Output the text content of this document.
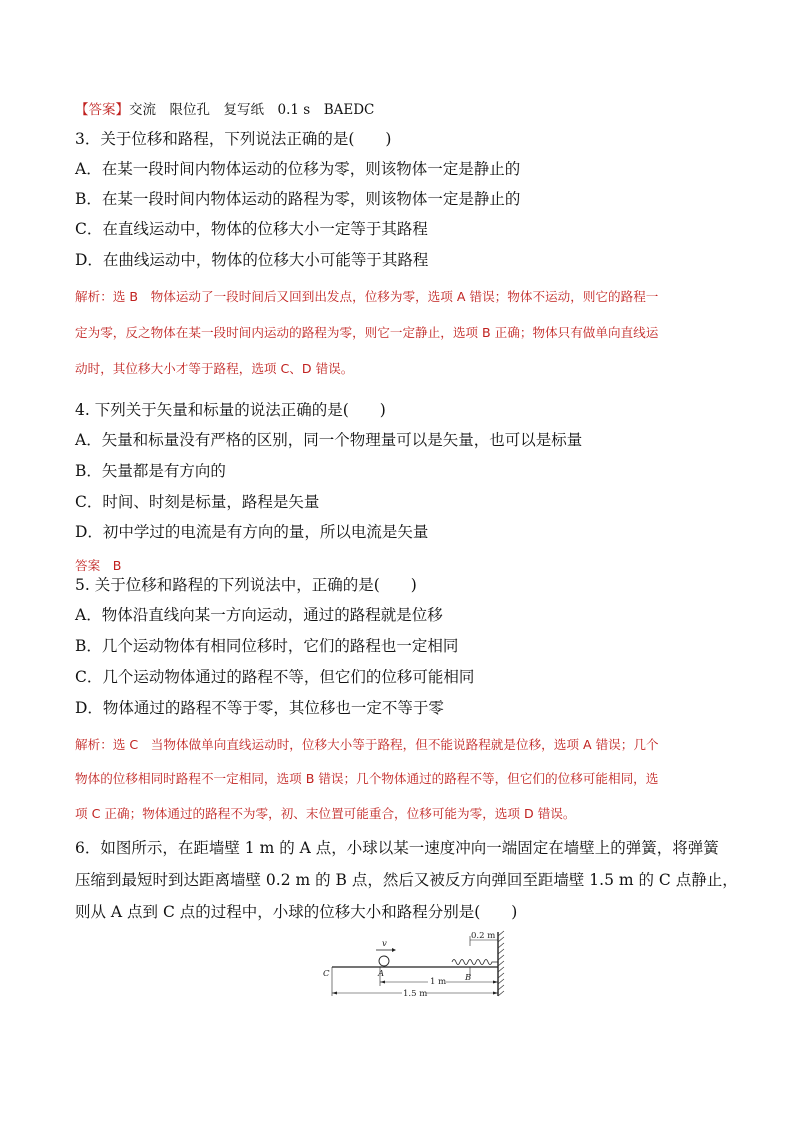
【答案】交流　限位孔　复写纸　0.1 s　BAEDC
3．关于位移和路程，下列说法正确的是(　　)
A．在某一段时间内物体运动的位移为零，则该物体一定是静止的
B．在某一段时间内物体运动的路程为零，则该物体一定是静止的
C．在直线运动中，物体的位移大小一定等于其路程
D．在曲线运动中，物体的位移大小可能等于其路程
解析：选 B　物体运动了一段时间后又回到出发点，位移为零，选项 A 错误；物体不运动，则它的路程一
定为零，反之物体在某一段时间内运动的路程为零，则它一定静止，选项 B 正确；物体只有做单向直线运
动时，其位移大小才等于路程，选项 C、D 错误。
4. 下列关于矢量和标量的说法正确的是(　　)
A．矢量和标量没有严格的区别，同一个物理量可以是矢量，也可以是标量
B．矢量都是有方向的
C．时间、时刻是标量，路程是矢量
D．初中学过的电流是有方向的量，所以电流是矢量
答案　B
5. 关于位移和路程的下列说法中，正确的是(　　)
A．物体沿直线向某一方向运动，通过的路程就是位移
B．几个运动物体有相同位移时，它们的路程也一定相同
C．几个运动物体通过的路程不等，但它们的位移可能相同
D．物体通过的路程不等于零，其位移也一定不等于零
解析：选 C　当物体做单向直线运动时，位移大小等于路程，但不能说路程就是位移，选项 A 错误；几个
物体的位移相同时路程不一定相同，选项 B 错误；几个物体通过的路程不等，但它们的位移可能相同，选
项 C 正确；物体通过的路程不为零，初、末位置可能重合，位移可能为零，选项 D 错误。
6．如图所示，在距墙壁 1 m 的 A 点，小球以某一速度冲向一端固定在墙壁上的弹簧，将弹簧
压缩到最短时到达距离墙壁 0.2 m 的 B 点，然后又被反方向弹回至距墙壁 1.5 m 的 C 点静止，
则从 A 点到 C 点的过程中，小球的位移大小和路程分别是(　　)
v
0.2 m
C	A	B
1 m
1.5 m
